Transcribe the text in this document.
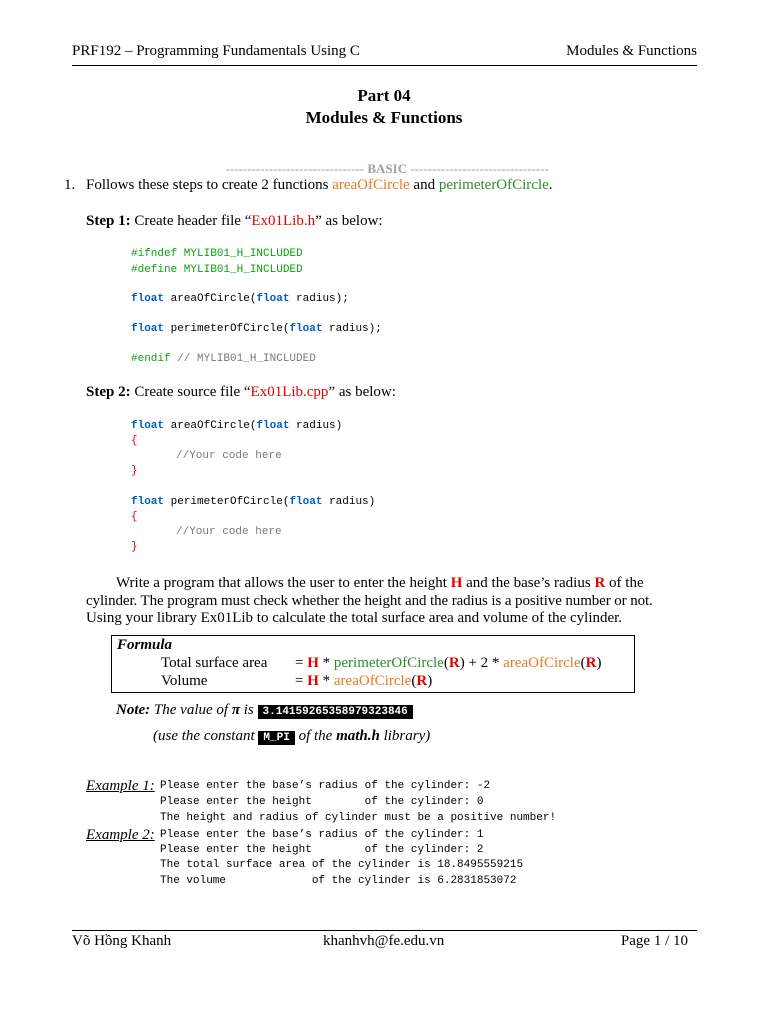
PRF192 – Programming Fundamentals Using C	Modules & Functions
Part 04
Modules & Functions

-------------------------------- BASIC --------------------------------

1. Follows these steps to create 2 functions areaOfCircle and perimeterOfCircle.
Step 1: Create header file “Ex01Lib.h” as below:
#ifndef MYLIB01_H_INCLUDED
#define MYLIB01_H_INCLUDED
float areaOfCircle(float radius);
float perimeterOfCircle(float radius);
#endif // MYLIB01_H_INCLUDED
Step 2: Create source file “Ex01Lib.cpp” as below:
float areaOfCircle(float radius)
{
//Your code here
}
float perimeterOfCircle(float radius)
{
//Your code here
}
Write a program that allows the user to enter the height H and the base’s radius R of the
cylinder. The program must check whether the height and the radius is a positive number or not.
Using your library Ex01Lib to calculate the total surface area and volume of the cylinder.
Formula
Total surface area = H * perimeterOfCircle(R) + 2 * areaOfCircle(R)
Volume	= H * areaOfCircle(R)
Note: The value of π is 3.14159265358979323846
(use the constant M_PI of the math.h library)
Example 1: Please enter the base’s radius of the cylinder: -2
Please enter the height        of the cylinder: 0
The height and radius of cylinder must be a positive number!
Example 2: Please enter the base’s radius of the cylinder: 1
Please enter the height        of the cylinder: 2
The total surface area of the cylinder is 18.8495559215
The volume             of the cylinder is 6.2831853072
Võ Hồng Khanh	khanhvh@fe.edu.vn	Page 1 / 10
